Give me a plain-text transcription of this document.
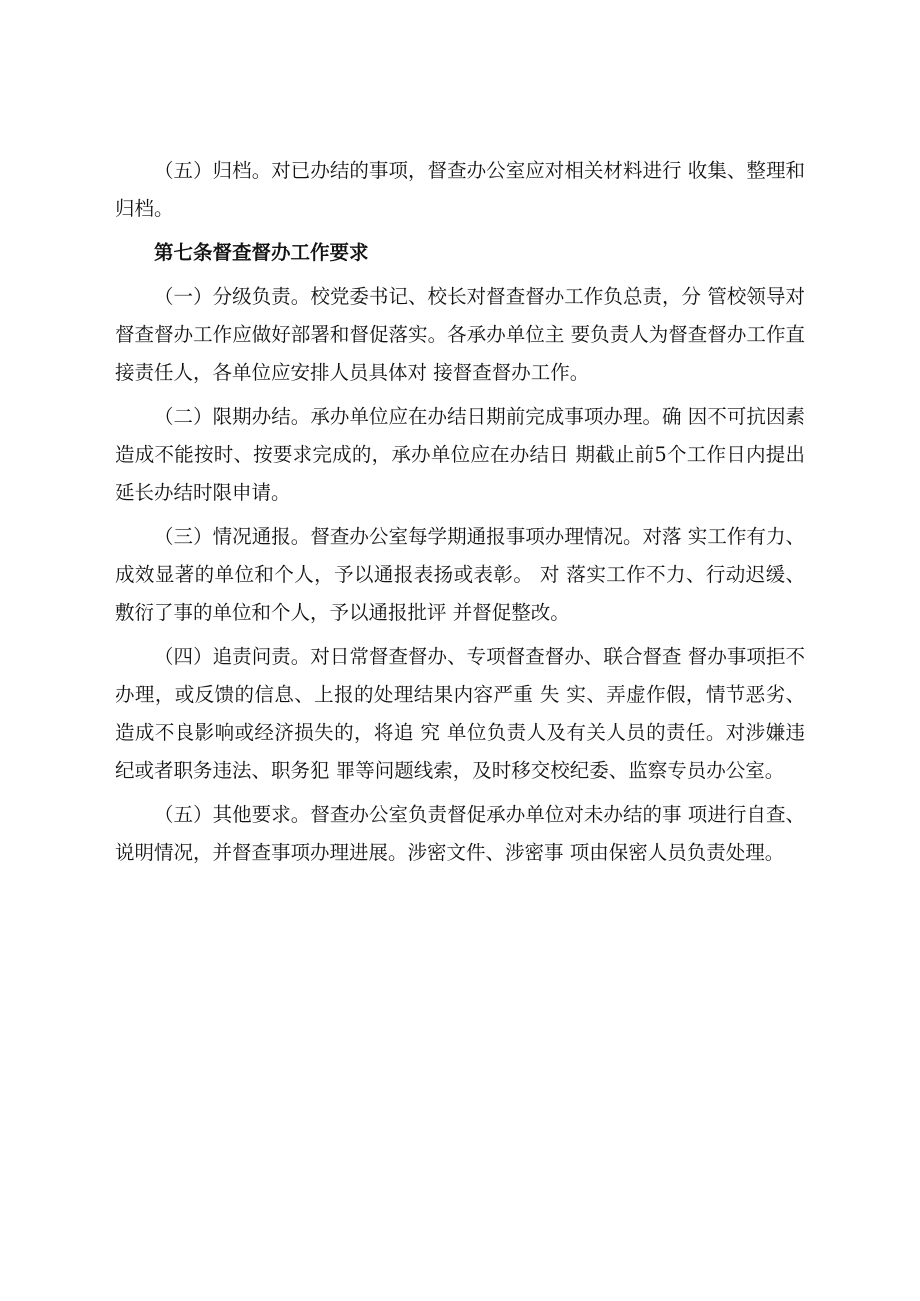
（五）归档。对已办结的事项，督查办公室应对相关材料进行 收集、整理和归档。

第七条督查督办工作要求

（一）分级负责。校党委书记、校长对督查督办工作负总责，分 管校领导对督查督办工作应做好部署和督促落实。各承办单位主 要负责人为督查督办工作直接责任人，各单位应安排人员具体对 接督查督办工作。

（二）限期办结。承办单位应在办结日期前完成事项办理。确 因不可抗因素造成不能按时、按要求完成的，承办单位应在办结日 期截止前5个工作日内提出延长办结时限申请。

（三）情况通报。督查办公室每学期通报事项办理情况。对落 实工作有力、成效显著的单位和个人，予以通报表扬或表彰。 对 落实工作不力、行动迟缓、敷衍了事的单位和个人，予以通报批评 并督促整改。

（四）追责问责。对日常督查督办、专项督查督办、联合督查 督办事项拒不办理，或反馈的信息、上报的处理结果内容严重 失 实、弄虚作假，情节恶劣、造成不良影响或经济损失的，将追 究 单位负责人及有关人员的责任。对涉嫌违纪或者职务违法、职务犯 罪等问题线索，及时移交校纪委、监察专员办公室。

（五）其他要求。督查办公室负责督促承办单位对未办结的事 项进行自查、说明情况，并督查事项办理进展。涉密文件、涉密事 项由保密人员负责处理。
